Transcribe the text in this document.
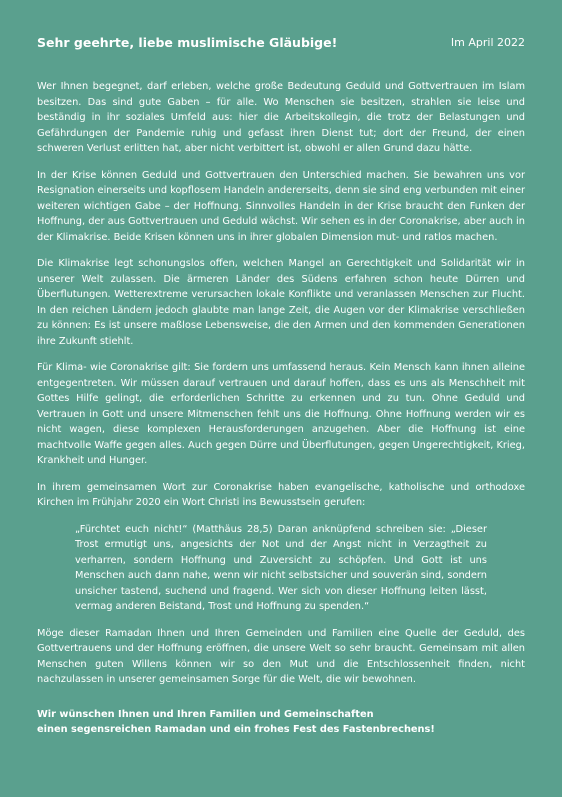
Sehr geehrte, liebe muslimische Gläubige!	Im April 2022

Wer Ihnen begegnet, darf erleben, welche große Bedeutung Geduld und Gottvertrauen im Islam besitzen. Das sind gute Gaben – für alle. Wo Menschen sie besitzen, strahlen sie leise und beständig in ihr soziales Umfeld aus: hier die Arbeitskollegin, die trotz der Belastungen und Gefährdungen der Pandemie ruhig und gefasst ihren Dienst tut; dort der Freund, der einen schweren Verlust erlitten hat, aber nicht verbittert ist, obwohl er allen Grund dazu hätte.

In der Krise können Geduld und Gottvertrauen den Unterschied machen. Sie bewahren uns vor Resignation einerseits und kopflosem Handeln andererseits, denn sie sind eng verbunden mit einer weiteren wichtigen Gabe – der Hoffnung. Sinnvolles Handeln in der Krise braucht den Funken der Hoffnung, der aus Gottvertrauen und Geduld wächst. Wir sehen es in der Coronakrise, aber auch in der Klimakrise. Beide Krisen können uns in ihrer globalen Dimension mut- und ratlos machen.

Die Klimakrise legt schonungslos offen, welchen Mangel an Gerechtigkeit und Solidarität wir in unserer Welt zulassen. Die ärmeren Länder des Südens erfahren schon heute Dürren und Überflutungen. Wetterextreme verursachen lokale Konflikte und veranlassen Menschen zur Flucht. In den reichen Ländern jedoch glaubte man lange Zeit, die Augen vor der Klimakrise verschließen zu können: Es ist unsere maßlose Lebensweise, die den Armen und den kommenden Generationen ihre Zukunft stiehlt.

Für Klima- wie Coronakrise gilt: Sie fordern uns umfassend heraus. Kein Mensch kann ihnen alleine entgegentreten. Wir müssen darauf vertrauen und darauf hoffen, dass es uns als Menschheit mit Gottes Hilfe gelingt, die erforderlichen Schritte zu erkennen und zu tun. Ohne Geduld und Vertrauen in Gott und unsere Mitmenschen fehlt uns die Hoffnung. Ohne Hoffnung werden wir es nicht wagen, diese komplexen Herausforderungen anzugehen. Aber die Hoffnung ist eine machtvolle Waffe gegen alles. Auch gegen Dürre und Überflutungen, gegen Ungerechtigkeit, Krieg, Krankheit und Hunger.

In ihrem gemeinsamen Wort zur Coronakrise haben evangelische, katholische und orthodoxe Kirchen im Frühjahr 2020 ein Wort Christi ins Bewusstsein gerufen:

„Fürchtet euch nicht!“ (Matthäus 28,5) Daran anknüpfend schreiben sie: „Dieser Trost ermutigt uns, angesichts der Not und der Angst nicht in Verzagtheit zu verharren, sondern Hoffnung und Zuversicht zu schöpfen. Und Gott ist uns Menschen auch dann nahe, wenn wir nicht selbstsicher und souverän sind, sondern unsicher tastend, suchend und fragend. Wer sich von dieser Hoffnung leiten lässt, vermag anderen Beistand, Trost und Hoffnung zu spenden.“

Möge dieser Ramadan Ihnen und Ihren Gemeinden und Familien eine Quelle der Geduld, des Gottvertrauens und der Hoffnung eröffnen, die unsere Welt so sehr braucht. Gemeinsam mit allen Menschen guten Willens können wir so den Mut und die Entschlossenheit finden, nicht nachzulassen in unserer gemeinsamen Sorge für die Welt, die wir bewohnen.

Wir wünschen Ihnen und Ihren Familien und Gemeinschaften
einen segensreichen Ramadan und ein frohes Fest des Fastenbrechens!
